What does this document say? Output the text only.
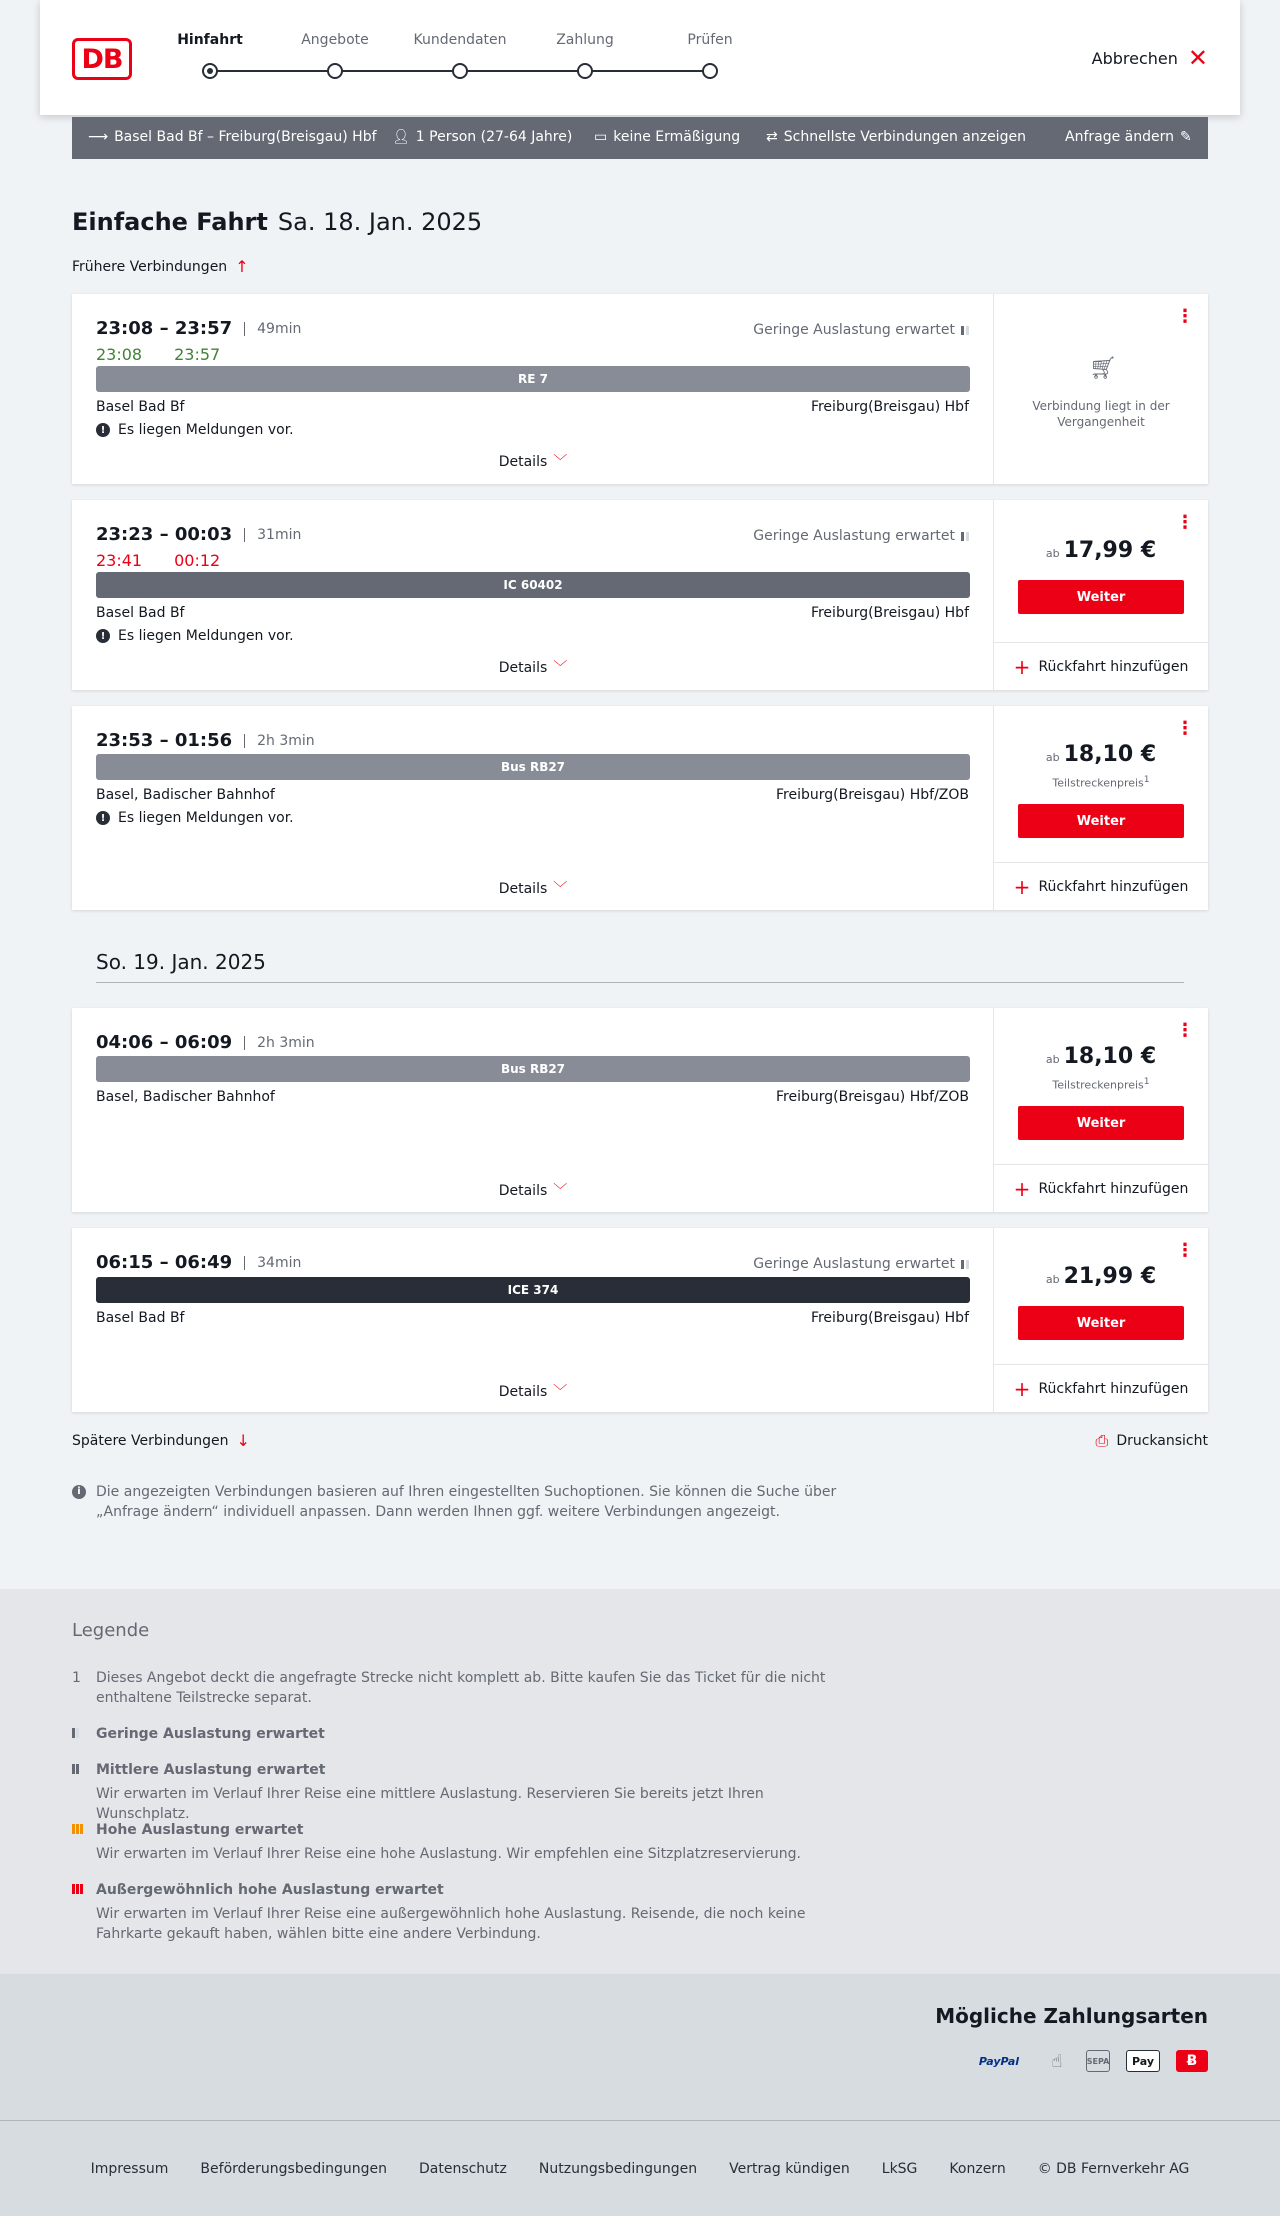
DB
Hinfahrt	Angebote	Kundendaten	Zahlung	Prüfen
Abbrechen ✕
⟶ Basel Bad Bf – Freiburg(Breisgau) Hbf 👤︎ 1 Person (27-64 Jahre) ▭ keine Ermäßigung ⇄ Schnellste Verbindungen anzeigen	Anfrage ändern ✎
Einfache Fahrt Sa. 18. Jan. 2025
Frühere Verbindungen ↑
23:08 – 23:57	49min	Geringe Auslastung erwartet
23:08 23:57
RE 7
Basel Bad Bf	Freiburg(Breisgau) Hbf
! Es liegen Meldungen vor.
Details ﹀
⋮
🛒︎
Verbindung liegt in der Vergangenheit
23:23 – 00:03	31min	Geringe Auslastung erwartet
23:41 00:12
IC 60402
Basel Bad Bf	Freiburg(Breisgau) Hbf
! Es liegen Meldungen vor.
Details ﹀
⋮
ab 17,99 €
Weiter
+ Rückfahrt hinzufügen
23:53 – 01:56	2h 3min
Bus RB27
Basel, Badischer Bahnhof	Freiburg(Breisgau) Hbf/ZOB
! Es liegen Meldungen vor.
Details ﹀
⋮
ab 18,10 €
Teilstreckenpreis$^1$
Weiter
+ Rückfahrt hinzufügen
So. 19. Jan. 2025
04:06 – 06:09	2h 3min
Bus RB27
Basel, Badischer Bahnhof	Freiburg(Breisgau) Hbf/ZOB
Details ﹀
⋮
ab 18,10 €
Teilstreckenpreis$^1$
Weiter
+ Rückfahrt hinzufügen
06:15 – 06:49	34min	Geringe Auslastung erwartet
ICE 374
Basel Bad Bf	Freiburg(Breisgau) Hbf
Details ﹀
⋮
ab 21,99 €
Weiter
+ Rückfahrt hinzufügen
Spätere Verbindungen ↓	⎙ Druckansicht
i	Die angezeigten Verbindungen basieren auf Ihren eingestellten Suchoptionen. Sie können die Suche über „Anfrage ändern“ individuell anpassen. Dann werden Ihnen ggf. weitere Verbindungen angezeigt.
Legende
1 Dieses Angebot deckt die angefragte Strecke nicht komplett ab. Bitte kaufen Sie das Ticket für die nicht enthaltene Teilstrecke separat.
Geringe Auslastung erwartet
Mittlere Auslastung erwartet
Wir erwarten im Verlauf Ihrer Reise eine mittlere Auslastung. Reservieren Sie bereits jetzt Ihren Wunschplatz.
Hohe Auslastung erwartet
Wir erwarten im Verlauf Ihrer Reise eine hohe Auslastung. Wir empfehlen eine Sitzplatzreservierung.
Außergewöhnlich hohe Auslastung erwartet
Wir erwarten im Verlauf Ihrer Reise eine außergewöhnlich hohe Auslastung. Reisende, die noch keine Fahrkarte gekauft haben, wählen bitte eine andere Verbindung.
Mögliche Zahlungsarten
PayPal	☝︎	SEPA Pay	Ƀ
Impressum Beförderungsbedingungen Datenschutz Nutzungsbedingungen Vertrag kündigen LkSG Konzern © DB Fernverkehr AG
